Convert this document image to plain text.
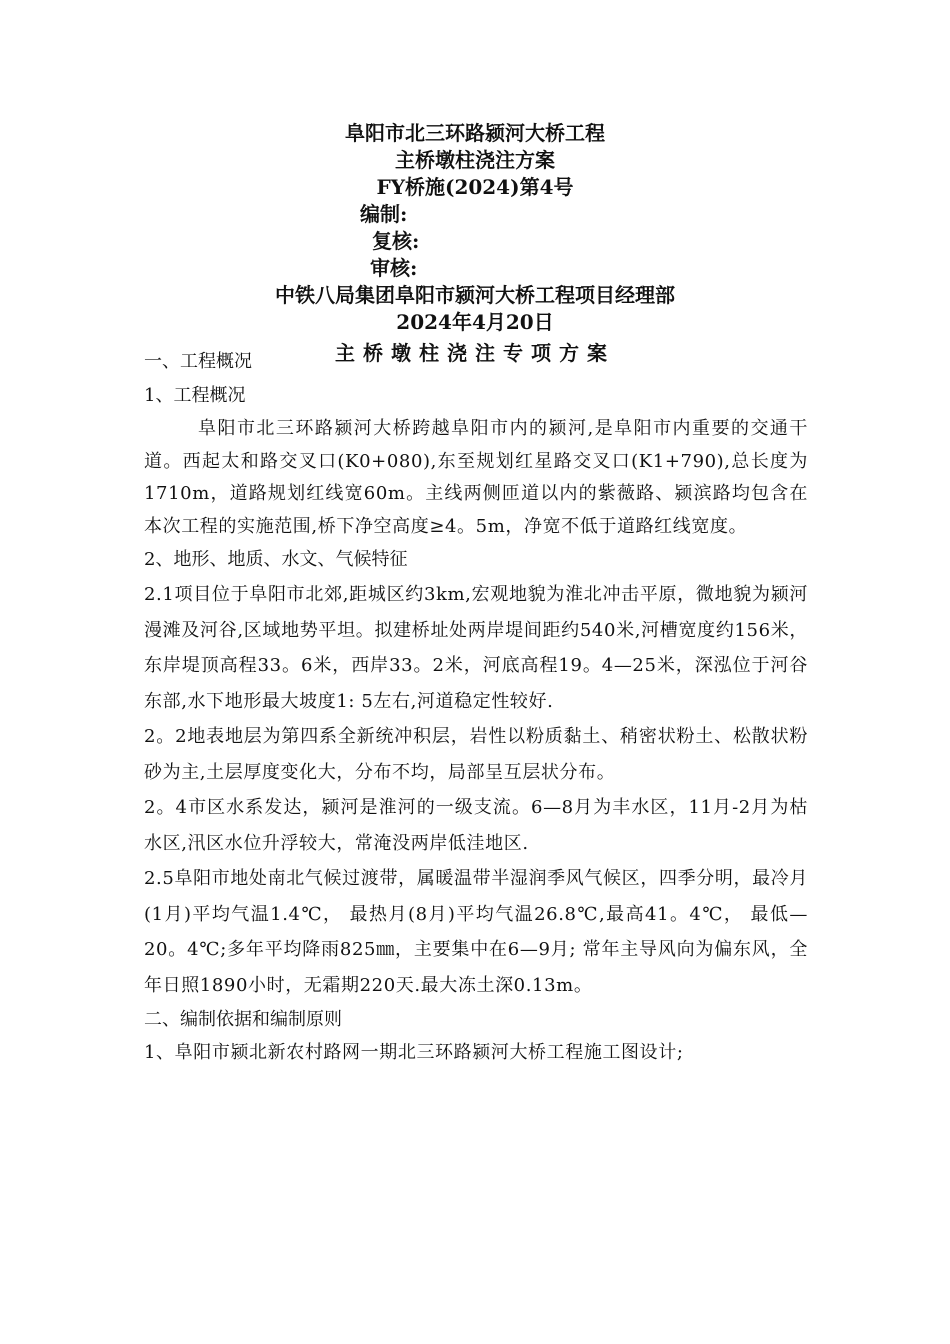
阜阳市北三环路颍河大桥工程
主桥墩柱浇注方案
FY桥施(2024)第4号
编制:
复核:
审核:
中铁八局集团阜阳市颍河大桥工程项目经理部
2024年4月20日
主桥墩柱浇注专项方案
一、工程概况
1、工程概况

阜阳市北三环路颍河大桥跨越阜阳市内的颍河,是阜阳市内重要的交通干道。西起太和路交叉口(K0+080),东至规划红星路交叉口(K1+790),总长度为1710m，道路规划红线宽60m。主线两侧匝道以内的紫薇路、颍滨路均包含在本次工程的实施范围,桥下净空高度≥4。5m，净宽不低于道路红线宽度。

2、地形、地质、水文、气候特征

2.1项目位于阜阳市北郊,距城区约3km,宏观地貌为淮北冲击平原，微地貌为颍河漫滩及河谷,区域地势平坦。拟建桥址处两岸堤间距约540米,河槽宽度约156米，东岸堤顶高程33。6米，西岸33。2米，河底高程19。4—25米，深泓位于河谷东部,水下地形最大坡度1: 5左右,河道稳定性较好.

2。2地表地层为第四系全新统冲积层，岩性以粉质黏土、稍密状粉土、松散状粉砂为主,土层厚度变化大，分布不均，局部呈互层状分布。

2。4市区水系发达，颍河是淮河的一级支流。6—8月为丰水区，11月-2月为枯水区,汛区水位升浮较大，常淹没两岸低洼地区.

2.5阜阳市地处南北气候过渡带，属暖温带半湿润季风气候区，四季分明，最冷月(1月)平均气温1.4℃， 最热月(8月)平均气温26.8℃,最高41。4℃， 最低—20。4℃;多年平均降雨825㎜，主要集中在6—9月; 常年主导风向为偏东风，全年日照1890小时，无霜期220天.最大冻土深0.13m。

二、编制依据和编制原则

1、阜阳市颍北新农村路网一期北三环路颍河大桥工程施工图设计;
